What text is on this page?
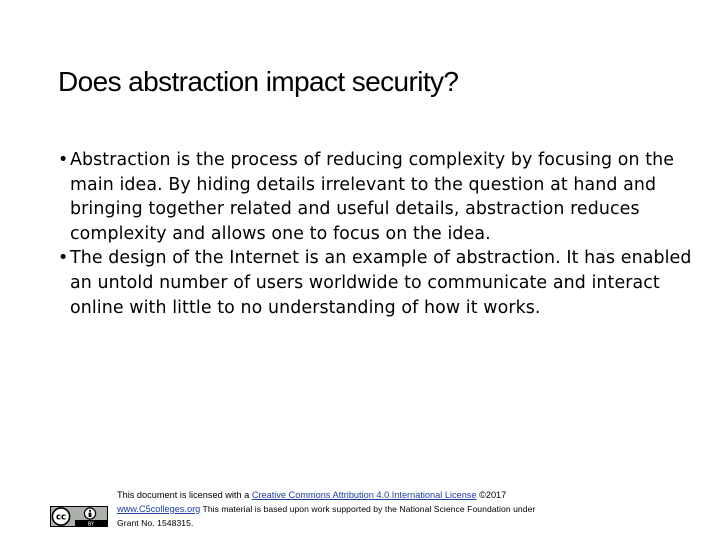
Does abstraction impact security?
• Abstraction is the process of reducing complexity by focusing on the main idea. By hiding details irrelevant to the question at hand and bringing together related and useful details, abstraction reduces complexity and allows one to focus on the idea.
• The design of the Internet is an example of abstraction. It has enabled an untold number of users worldwide to communicate and interact online with little to no understanding of how it works.
cc
BY
This document is licensed with a Creative Commons Attribution 4.0 International License ©2017
www.C5colleges.org This material is based upon work supported by the National Science Foundation under
Grant No. 1548315.
